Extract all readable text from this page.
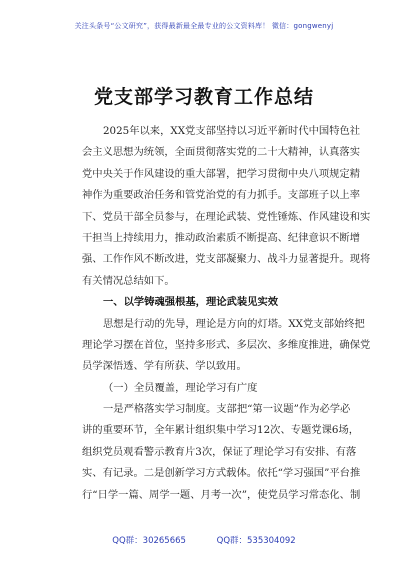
关注头条号“公文研究”，获得最新最全最专业的公文资料库！ 微信：gongwenyj
党支部学习教育工作总结
2025年以来，XX党支部坚持以习近平新时代中国特色社
会主义思想为统领，全面贯彻落实党的二十大精神，认真落实
党中央关于作风建设的重大部署，把学习贯彻中央八项规定精
神作为重要政治任务和管党治党的有力抓手。支部班子以上率
下、党员干部全员参与，在理论武装、党性锤炼、作风建设和实
干担当上持续用力，推动政治素质不断提高、纪律意识不断增
强、工作作风不断改进，党支部凝聚力、战斗力显著提升。现将
有关情况总结如下。
一、以学铸魂强根基，理论武装见实效
思想是行动的先导，理论是方向的灯塔。XX党支部始终把
理论学习摆在首位，坚持多形式、多层次、多维度推进，确保党
员学深悟透、学有所获、学以致用。
（一）全员覆盖，理论学习有广度
一是严格落实学习制度。支部把“第一议题”作为必学必
讲的重要环节，全年累计组织集中学习12次、专题党课6场，
组织党员观看警示教育片3次，保证了理论学习有安排、有落
实、有记录。二是创新学习方式载体。依托“学习强国”平台推
行“日学一篇、周学一题、月考一次”，使党员学习常态化、制
QQ群：30265665	QQ群：535304092
